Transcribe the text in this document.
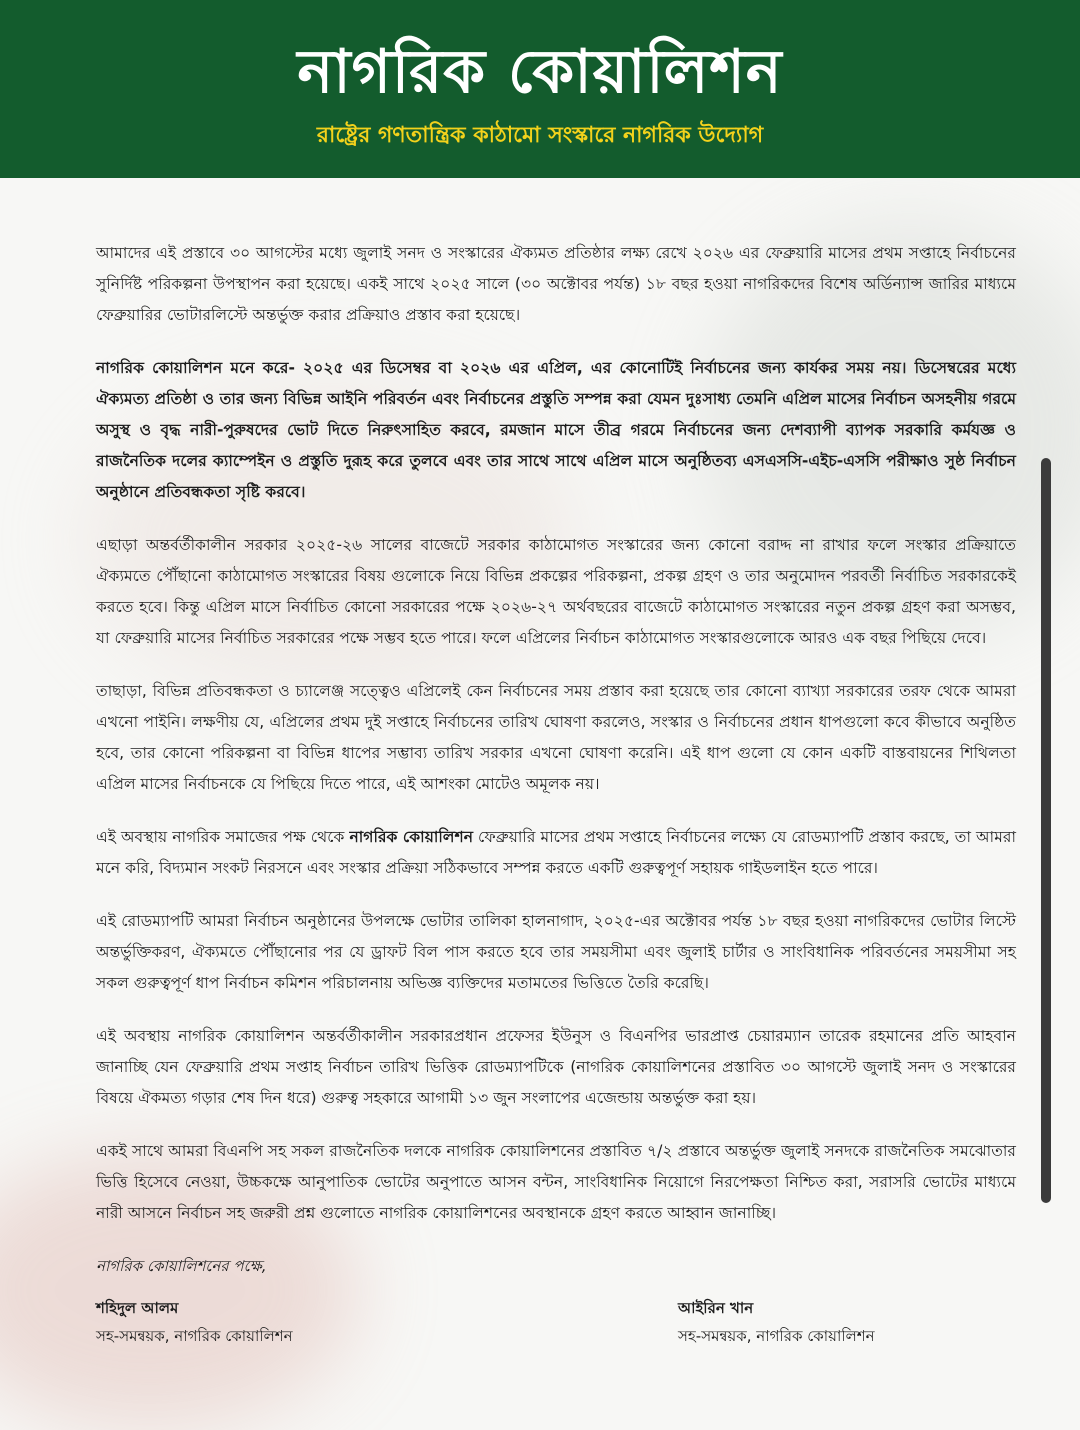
নাগরিক কোয়ালিশন
রাষ্ট্রের গণতান্ত্রিক কাঠামো সংস্কারে নাগরিক উদ্যোগ

আমাদের এই প্রস্তাবে ৩০ আগস্টের মধ্যে জুলাই সনদ ও সংস্কারের ঐক্যমত প্রতিষ্ঠার লক্ষ্য রেখে ২০২৬ এর ফেব্রুয়ারি মাসের প্রথম সপ্তাহে নির্বাচনের সুনির্দিষ্ট পরিকল্পনা উপস্থাপন করা হয়েছে। একই সাথে ২০২৫ সালে (৩০ অক্টোবর পর্যন্ত) ১৮ বছর হওয়া নাগরিকদের বিশেষ অর্ডিন্যান্স জারির মাধ্যমে ফেব্রুয়ারির ভোটারলিস্টে অন্তর্ভুক্ত করার প্রক্রিয়াও প্রস্তাব করা হয়েছে।

নাগরিক কোয়ালিশন মনে করে- ২০২৫ এর ডিসেম্বর বা ২০২৬ এর এপ্রিল, এর কোনোটিই নির্বাচনের জন্য কার্যকর সময় নয়। ডিসেম্বরের মধ্যে ঐক্যমত্য প্রতিষ্ঠা ও তার জন্য বিভিন্ন আইনি পরিবর্তন এবং নির্বাচনের প্রস্তুতি সম্পন্ন করা যেমন দুঃসাধ্য তেমনি এপ্রিল মাসের নির্বাচন অসহনীয় গরমে অসুস্থ ও বৃদ্ধ নারী-পুরুষদের ভোট দিতে নিরুৎসাহিত করবে, রমজান মাসে তীব্র গরমে নির্বাচনের জন্য দেশব্যাপী ব্যাপক সরকারি কর্মযজ্ঞ ও রাজনৈতিক দলের ক্যাম্পেইন ও প্রস্তুতি দুরূহ করে তুলবে এবং তার সাথে সাথে এপ্রিল মাসে অনুষ্ঠিতব্য এসএসসি-এইচ-এসসি পরীক্ষাও সুষ্ঠ নির্বাচন অনুষ্ঠানে প্রতিবন্ধকতা সৃষ্টি করবে।

এছাড়া অন্তর্বর্তীকালীন সরকার ২০২৫-২৬ সালের বাজেটে সরকার কাঠামোগত সংস্কারের জন্য কোনো বরাদ্দ না রাখার ফলে সংস্কার প্রক্রিয়াতে ঐক্যমতে পৌঁছানো কাঠামোগত সংস্কারের বিষয় গুলোকে নিয়ে বিভিন্ন প্রকল্পের পরিকল্পনা, প্রকল্প গ্রহণ ও তার অনুমোদন পরবর্তী নির্বাচিত সরকারকেই করতে হবে। কিন্তু এপ্রিল মাসে নির্বাচিত কোনো সরকারের পক্ষে ২০২৬-২৭ অর্থবছরের বাজেটে কাঠামোগত সংস্কারের নতুন প্রকল্প গ্রহণ করা অসম্ভব, যা ফেব্রুয়ারি মাসের নির্বাচিত সরকারের পক্ষে সম্ভব হতে পারে। ফলে এপ্রিলের নির্বাচন কাঠামোগত সংস্কারগুলোকে আরও এক বছর পিছিয়ে দেবে।

তাছাড়া, বিভিন্ন প্রতিবন্ধকতা ও চ্যালেঞ্জ সত্ত্বেও এপ্রিলেই কেন নির্বাচনের সময় প্রস্তাব করা হয়েছে তার কোনো ব্যাখ্যা সরকারের তরফ থেকে আমরা এখনো পাইনি। লক্ষণীয় যে, এপ্রিলের প্রথম দুই সপ্তাহে নির্বাচনের তারিখ ঘোষণা করলেও, সংস্কার ও নির্বাচনের প্রধান ধাপগুলো কবে কীভাবে অনুষ্ঠিত হবে, তার কোনো পরিকল্পনা বা বিভিন্ন ধাপের সম্ভাব্য তারিখ সরকার এখনো ঘোষণা করেনি। এই ধাপ গুলো যে কোন একটি বাস্তবায়নের শিথিলতা এপ্রিল মাসের নির্বাচনকে যে পিছিয়ে দিতে পারে, এই আশংকা মোটেও অমূলক নয়।

এই অবস্থায় নাগরিক সমাজের পক্ষ থেকে নাগরিক কোয়ালিশন ফেব্রুয়ারি মাসের প্রথম সপ্তাহে নির্বাচনের লক্ষ্যে যে রোডম্যাপটি প্রস্তাব করছে, তা আমরা মনে করি, বিদ্যমান সংকট নিরসনে এবং সংস্কার প্রক্রিয়া সঠিকভাবে সম্পন্ন করতে একটি গুরুত্বপূর্ণ সহায়ক গাইডলাইন হতে পারে।

এই রোডম্যাপটি আমরা নির্বাচন অনুষ্ঠানের উপলক্ষে ভোটার তালিকা হালনাগাদ, ২০২৫-এর অক্টোবর পর্যন্ত ১৮ বছর হওয়া নাগরিকদের ভোটার লিস্টে অন্তর্ভুক্তিকরণ, ঐক্যমতে পৌঁছানোর পর যে ড্রাফট বিল পাস করতে হবে তার সময়সীমা এবং জুলাই চার্টার ও সাংবিধানিক পরিবর্তনের সময়সীমা সহ সকল গুরুত্বপূর্ণ ধাপ নির্বাচন কমিশন পরিচালনায় অভিজ্ঞ ব্যক্তিদের মতামতের ভিত্তিতে তৈরি করেছি।

এই অবস্থায় নাগরিক কোয়ালিশন অন্তর্বর্তীকালীন সরকারপ্রধান প্রফেসর ইউনুস ও বিএনপির ভারপ্রাপ্ত চেয়ারম্যান তারেক রহমানের প্রতি আহবান জানাচ্ছি যেন ফেব্রুয়ারি প্রথম সপ্তাহ নির্বাচন তারিখ ভিত্তিক রোডম্যাপটিকে (নাগরিক কোয়ালিশনের প্রস্তাবিত ৩০ আগস্টে জুলাই সনদ ও সংস্কারের বিষয়ে ঐকমত্য গড়ার শেষ দিন ধরে) গুরুত্ব সহকারে আগামী ১৩ জুন সংলাপের এজেন্ডায় অন্তর্ভুক্ত করা হয়।

একই সাথে আমরা বিএনপি সহ সকল রাজনৈতিক দলকে নাগরিক কোয়ালিশনের প্রস্তাবিত ৭/২ প্রস্তাবে অন্তর্ভুক্ত জুলাই সনদকে রাজনৈতিক সমঝোতার ভিত্তি হিসেবে নেওয়া, উচ্চকক্ষে আনুপাতিক ভোটের অনুপাতে আসন বন্টন, সাংবিধানিক নিয়োগে নিরপেক্ষতা নিশ্চিত করা, সরাসরি ভোটের মাধ্যমে নারী আসনে নির্বাচন সহ জরুরী প্রশ্ন গুলোতে নাগরিক কোয়ালিশনের অবস্থানকে গ্রহণ করতে আহ্বান জানাচ্ছি।

নাগরিক কোয়ালিশনের পক্ষে,

শহিদুল আলম
সহ-সমন্বয়ক, নাগরিক কোয়ালিশন
আইরিন খান
সহ-সমন্বয়ক, নাগরিক কোয়ালিশন
